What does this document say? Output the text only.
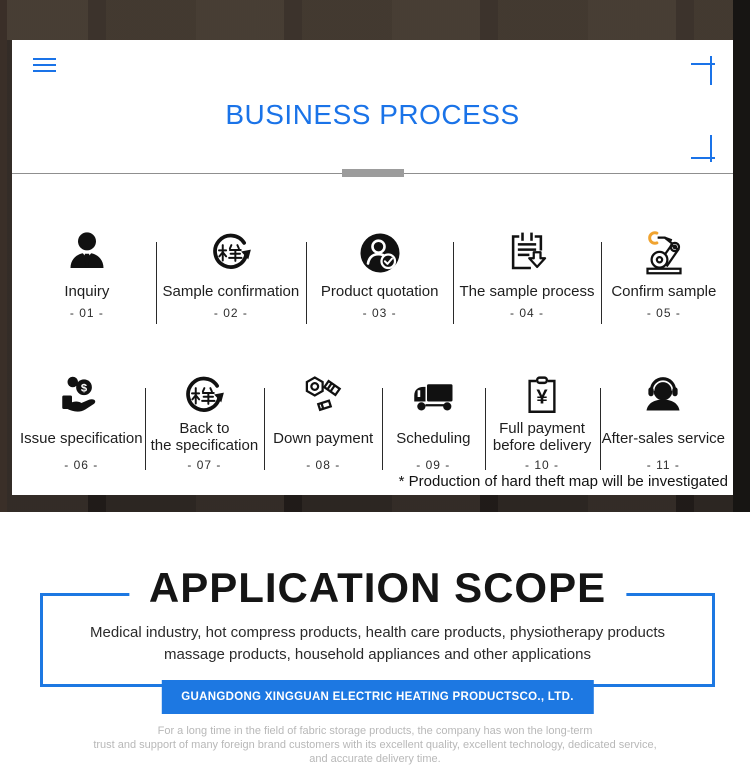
BUSINESS PROCESS
Inquiry
- 01 -
Sample confirmation
- 02 -
Product quotation
- 03 -
The sample process
- 04 -
Confirm sample
- 05 -
Issue specification
- 06 -
Back to
the specification
- 07 -
Down payment
- 08 -
Scheduling
- 09 -
Full payment
before delivery
- 10 -
After-sales service
- 11 -
* Production of hard theft map will be investigated
APPLICATION SCOPE
Medical industry, hot compress products, health care products, physiotherapy products
massage products, household appliances and other applications
GUANGDONG XINGGUAN ELECTRIC HEATING PRODUCTSCO., LTD.
For a long time in the field of fabric storage products, the company has won the long-term
trust and support of many foreign brand customers with its excellent quality, excellent technology, dedicated service,
and accurate delivery time.
